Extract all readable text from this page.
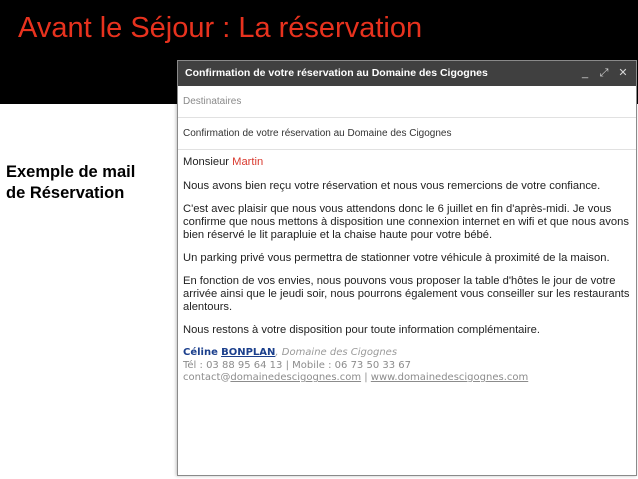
Avant le Séjour : La réservation
Exemple de mail de Réservation
Confirmation de votre réservation au Domaine des Cigognes	_ ⤢ ✕
Destinataires
Confirmation de votre réservation au Domaine des Cigognes

Monsieur Martin

Nous avons bien reçu votre réservation et nous vous remercions de votre confiance.

C'est avec plaisir que nous vous attendons donc le 6 juillet en fin d'après-midi. Je vous confirme que nous mettons à disposition une connexion internet en wifi et que nous avons bien réservé le lit parapluie et la chaise haute pour votre bébé.

Un parking privé vous permettra de stationner votre véhicule à proximité de la maison.

En fonction de vos envies, nous pouvons vous proposer la table d'hôtes le jour de votre arrivée ainsi que le jeudi soir, nous pourrons également vous conseiller sur les restaurants alentours.

Nous restons à votre disposition pour toute information complémentaire.

Céline BONPLAN, Domaine des Cigognes
Tél : 03 88 95 64 13 | Mobile : 06 73 50 33 67
contact@domainedescigognes.com | www.domainedescigognes.com
